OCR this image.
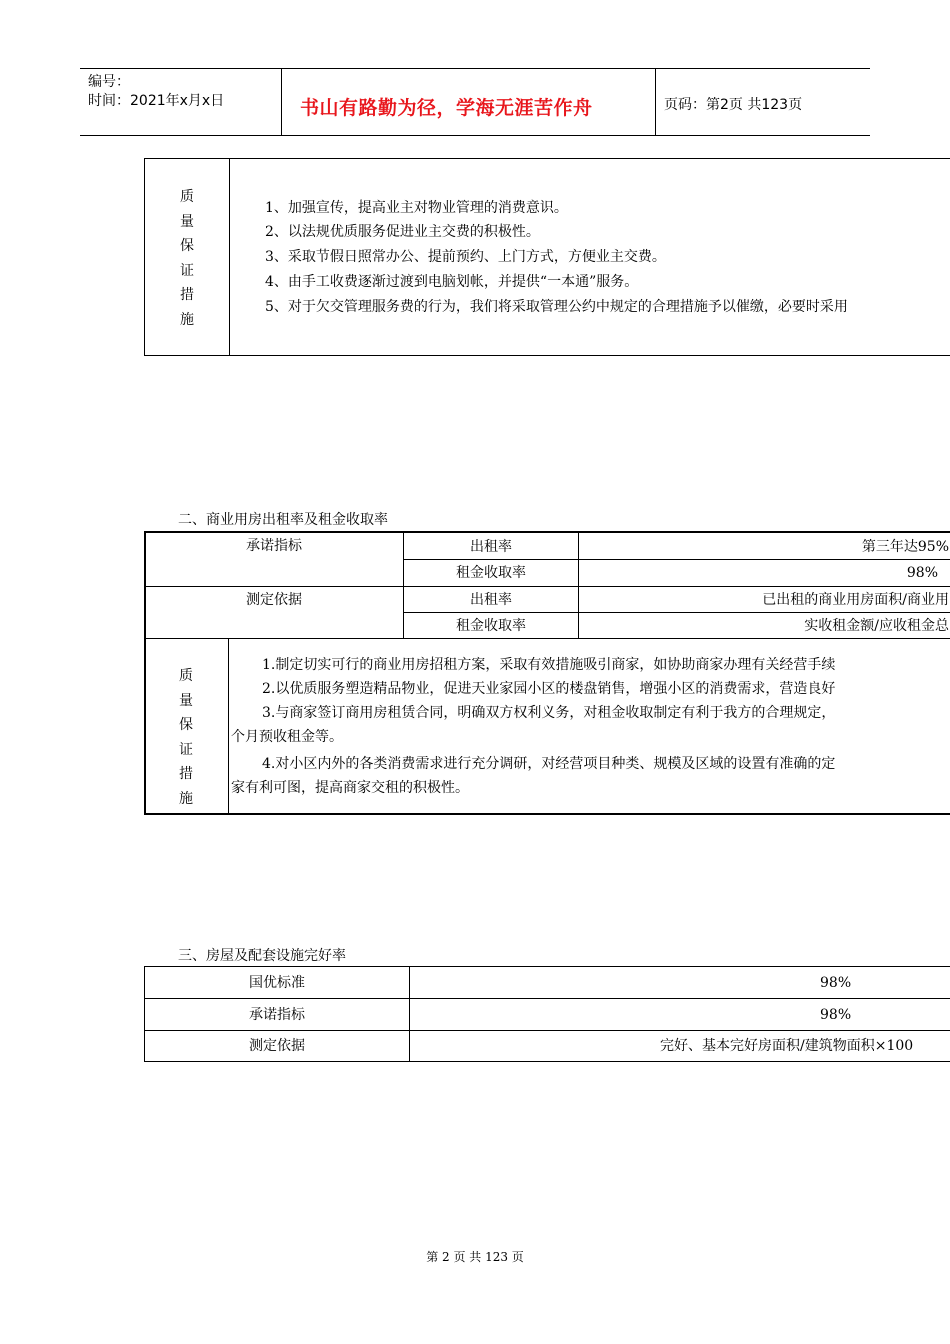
编号：
时间：2021年x月x日	书山有路勤为径，学海无涯苦作舟	页码：第2页 共123页
质
量
保
证
措
施
1、加强宣传，提高业主对物业管理的消费意识。
2、以法规优质服务促进业主交费的积极性。
3、采取节假日照常办公、提前预约、上门方式，方便业主交费。
4、由手工收费逐渐过渡到电脑划帐，并提供“一本通”服务。
5、对于欠交管理服务费的行为，我们将采取管理公约中规定的合理措施予以催缴，必要时采用
二、商业用房出租率及租金收取率
承诺指标	出租率	第三年达95%
租金收取率	98%
测定依据	出租率	已出租的商业用房面积/商业用
租金收取率	实收租金额/应收租金总
质
量
保
证
措
施
1.制定切实可行的商业用房招租方案，采取有效措施吸引商家，如协助商家办理有关经营手续
2.以优质服务塑造精品物业，促进天业家园小区的楼盘销售，增强小区的消费需求，营造良好
3.与商家签订商用房租赁合同，明确双方权利义务，对租金收取制定有利于我方的合理规定，
个月预收租金等。
4.对小区内外的各类消费需求进行充分调研，对经营项目种类、规模及区域的设置有准确的定
家有利可图，提高商家交租的积极性。
三、房屋及配套设施完好率
国优标准	98%
承诺指标	98%
测定依据	完好、基本完好房面积/建筑物面积×100
第 2 页 共 123 页
